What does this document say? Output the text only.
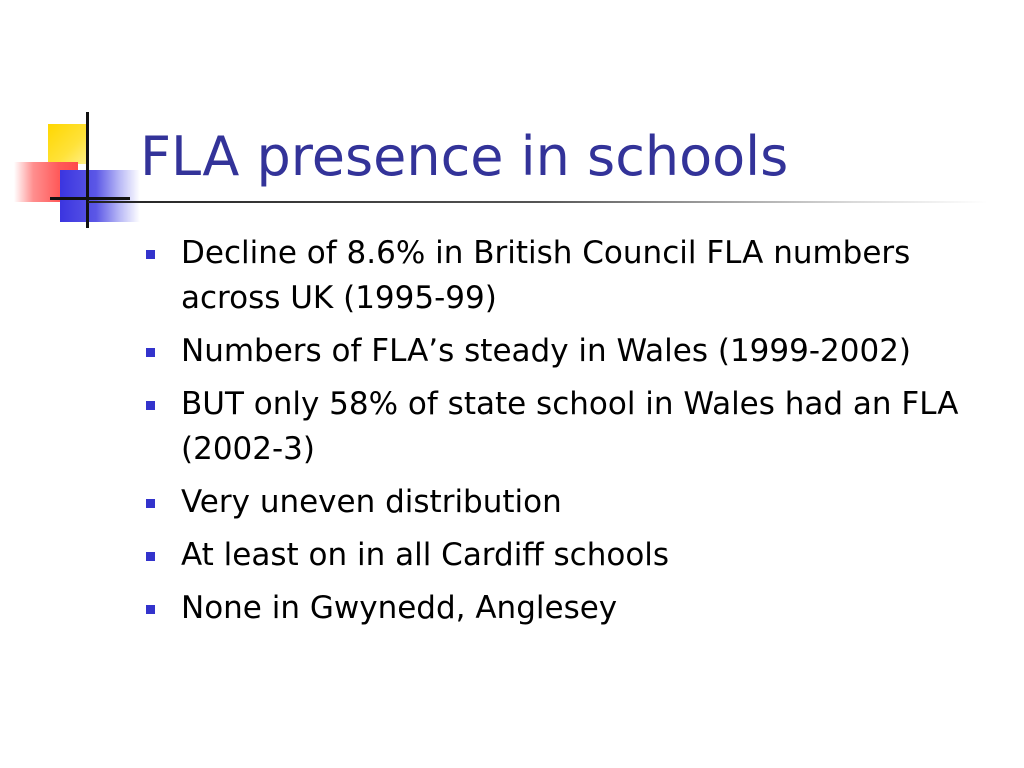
FLA presence in schools
Decline of 8.6% in British Council FLA numbers across UK (1995-99)
Numbers of FLA’s steady in Wales (1999-2002)
BUT only 58% of state school in Wales had an FLA (2002-3)
Very uneven distribution
At least on in all Cardiff schools
None in Gwynedd, Anglesey
